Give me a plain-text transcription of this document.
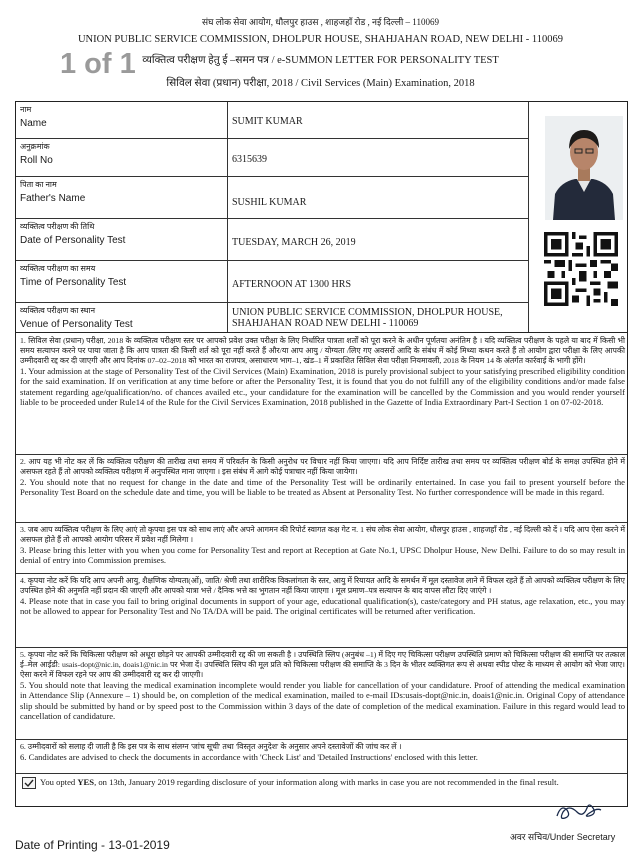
1 of 1
संघ लोक सेवा आयोग, धौलपुर हाउस , शाहजहाँ रोड , नई दिल्ली – 110069
UNION PUBLIC SERVICE COMMISSION, DHOLPUR HOUSE, SHAHJAHAN ROAD, NEW DELHI - 110069
व्यक्तित्व परीक्षण हेतु ई –समन पत्र / e-SUMMON LETTER FOR PERSONALITY TEST
सिविल सेवा (प्रधान) परीक्षा, 2018 / Civil Services (Main) Examination, 2018
नाम
Name	SUMIT KUMAR
अनुक्रमांक
Roll No	6315639
पिता का नाम
Father's Name	SUSHIL KUMAR
व्यक्तित्व परीक्षण की तिथि
Date of Personality Test	TUESDAY, MARCH 26, 2019
व्यक्तित्व परीक्षण का समय
Time of Personality Test	AFTERNOON AT 1300 HRS
व्यक्तित्व परीक्षण का स्थान
Venue of Personality Test
UNION PUBLIC SERVICE COMMISSION, DHOLPUR HOUSE, SHAHJAHAN ROAD NEW DELHI - 110069
1. सिविल सेवा (प्रधान) परीक्षा, 2018 के व्यक्तित्व परीक्षण स्तर पर आपको प्रवेश उक्त परीक्षा के लिए निर्धारित पात्रता शर्तों को पूरा करने के अधीन पूर्णतया अनंतिम है । यदि व्यक्तित्व परीक्षण के पहले या बाद में किसी भी समय सत्यापन करने पर पाया जाता है कि आप पात्रता की किसी शर्त को पूरा नहीं करते हैं और/या आप आयु / योग्यता /लिए गए अवसरों आदि के संबंध में कोई मिथ्या कथन करते हैं तो आयोग द्वारा परीक्षा के लिए आपकी उम्मीदवारी रद्द कर दी जाएगी और आप दिनांक 07–02–2018 को भारत का राजपत्र, असाधारण भाग–1, खंड–1 में प्रकाशित सिविल सेवा परीक्षा नियमावली, 2018 के नियम 14 के अंतर्गत कार्रवाई के भागी होंगे।
1. Your admission at the stage of Personality Test of the Civil Services (Main) Examination, 2018 is purely provisional subject to your satisfying prescribed eligibility condition for the said examination. If on verification at any time before or after the Personality Test, it is found that you do not fulfill any of the eligibility conditions and/or made false statement regarding age/qualification/no. of chances availed etc., your candidature for the examination will be cancelled by the Commission and you would render yourself liable to be proceeded under Rule14 of the Rule for the Civil Services Examination, 2018 published in the Gazette of India Extraordinary Part-I Section 1 on 07-02-2018.
2. आप यह भी नोट कर लें कि व्यक्तित्व परीक्षण की तारीख तथा समय में परिवर्तन के किसी अनुरोध पर विचार नहीं किया जाएगा। यदि आप निर्दिष्ट तारीख तथा समय पर व्यक्तित्व परीक्षण बोर्ड के समक्ष उपस्थित होने में असफल रहते हैं तो आपको व्यक्तित्व परीक्षण में अनुपस्थित माना जाएगा । इस संबंध में आगे कोई पत्राचार नहीं किया जायेगा।
2. You should note that no request for change in the date and time of the Personality Test will be ordinarily entertained. In case you fail to present yourself before the Personality Test Board on the schedule date and time, you will be liable to be treated as Absent at Personality Test. No further correspondence will be made in this regard.
3. जब आप व्यक्तित्व परीक्षण के लिए आएं तो कृपया इस पत्र को साथ लाएं और अपने आगमन की रिपोर्ट स्वागत कक्ष गेट न. 1 संघ लोक सेवा आयोग, धौलपुर हाउस , शाहजहाँ रोड , नई दिल्ली को दें । यदि आप ऐसा करने में असफल होते हैं तो आपको आयोग परिसर में प्रवेश नहीं मिलेगा ।
3. Please bring this letter with you when you come for Personality Test and report at Reception at Gate No.1, UPSC Dholpur House, New Delhi. Failure to do so may result in denial of entry into Commission premises.
4. कृपया नोट करें कि यदि आप अपनी आयु, शैक्षणिक योग्यता(ओं), जाति/ श्रेणी तथा शारीरिक विकलांगता के स्तर, आयु में रियायत आदि के समर्थन में मूल दस्तावेज लाने में विफल रहते हैं तो आपको व्यक्तित्व परीक्षण के लिए उपस्थित होने की अनुमति नहीं प्रदान की जाएगी और आपको यात्रा भत्ते / दैनिक भत्ते का भुगतान नहीं किया जाएगा । मूल प्रमाण–पत्र सत्यापन के बाद वापस लौटा दिए जाएंगे ।
4. Please note that in case you fail to bring original documents in support of your age, educational qualification(s), caste/category and PH status, age relaxation, etc., you may not be allowed to appear for Personality Test and No TA/DA will be paid. The original certificates will be returned after verification.
5. कृपया नोट करें कि चिकित्सा परीक्षण को अधूरा छोड़ने पर आपकी उम्मीदवारी रद्द की जा सकती है । उपस्थिति स्लिप (अनुबंध –1) में दिए गए चिकित्सा परीक्षण उपस्थिति प्रमाण को चिकित्सा परीक्षण की समाप्ति पर तत्काल ई–मेल आईडी: usais-dopt@nic.in, doais1@nic.in पर भेजा दें। उपस्थिति स्लिप की मूल प्रति को चिकित्सा परीक्षण की समाप्ति के 3 दिन के भीतर व्यक्तिगत रूप से अथवा स्पीड पोस्ट के माध्यम से आयोग को भेजा जाए। ऐसा करने में विफल रहने पर आप की उम्मीदवारी रद्द कर दी जाएगी।
5. You should note that leaving the medical examination incomplete would render you liable for cancellation of your candidature. Proof of attending the medical examination in Attendance Slip (Annexure – 1) should be, on completion of the medical examination, mailed to e-mail IDs:usais-dopt@nic.in, doais1@nic.in. Original Copy of attendance slip should be submitted by hand or by speed post to the Commission within 3 days of the date of completion of the medical examination. Failure in this regard would lead to cancellation of candidature.
6. उम्मीदवारों को सलाह दी जाती है कि इस पत्र के साथ संलग्न 'जांच सूची' तथा 'विस्तृत अनुदेश' के अनुसार अपने दस्तावेजों की जांच कर लें ।
6. Candidates are advised to check the documents in accordance with 'Check List' and 'Detailed Instructions' enclosed with this letter.
You opted YES, on 13th, January 2019 regarding disclosure of your information along with marks in case you are not recommended in the final result.
अवर सचिव/Under Secretary
Date of Printing - 13-01-2019
